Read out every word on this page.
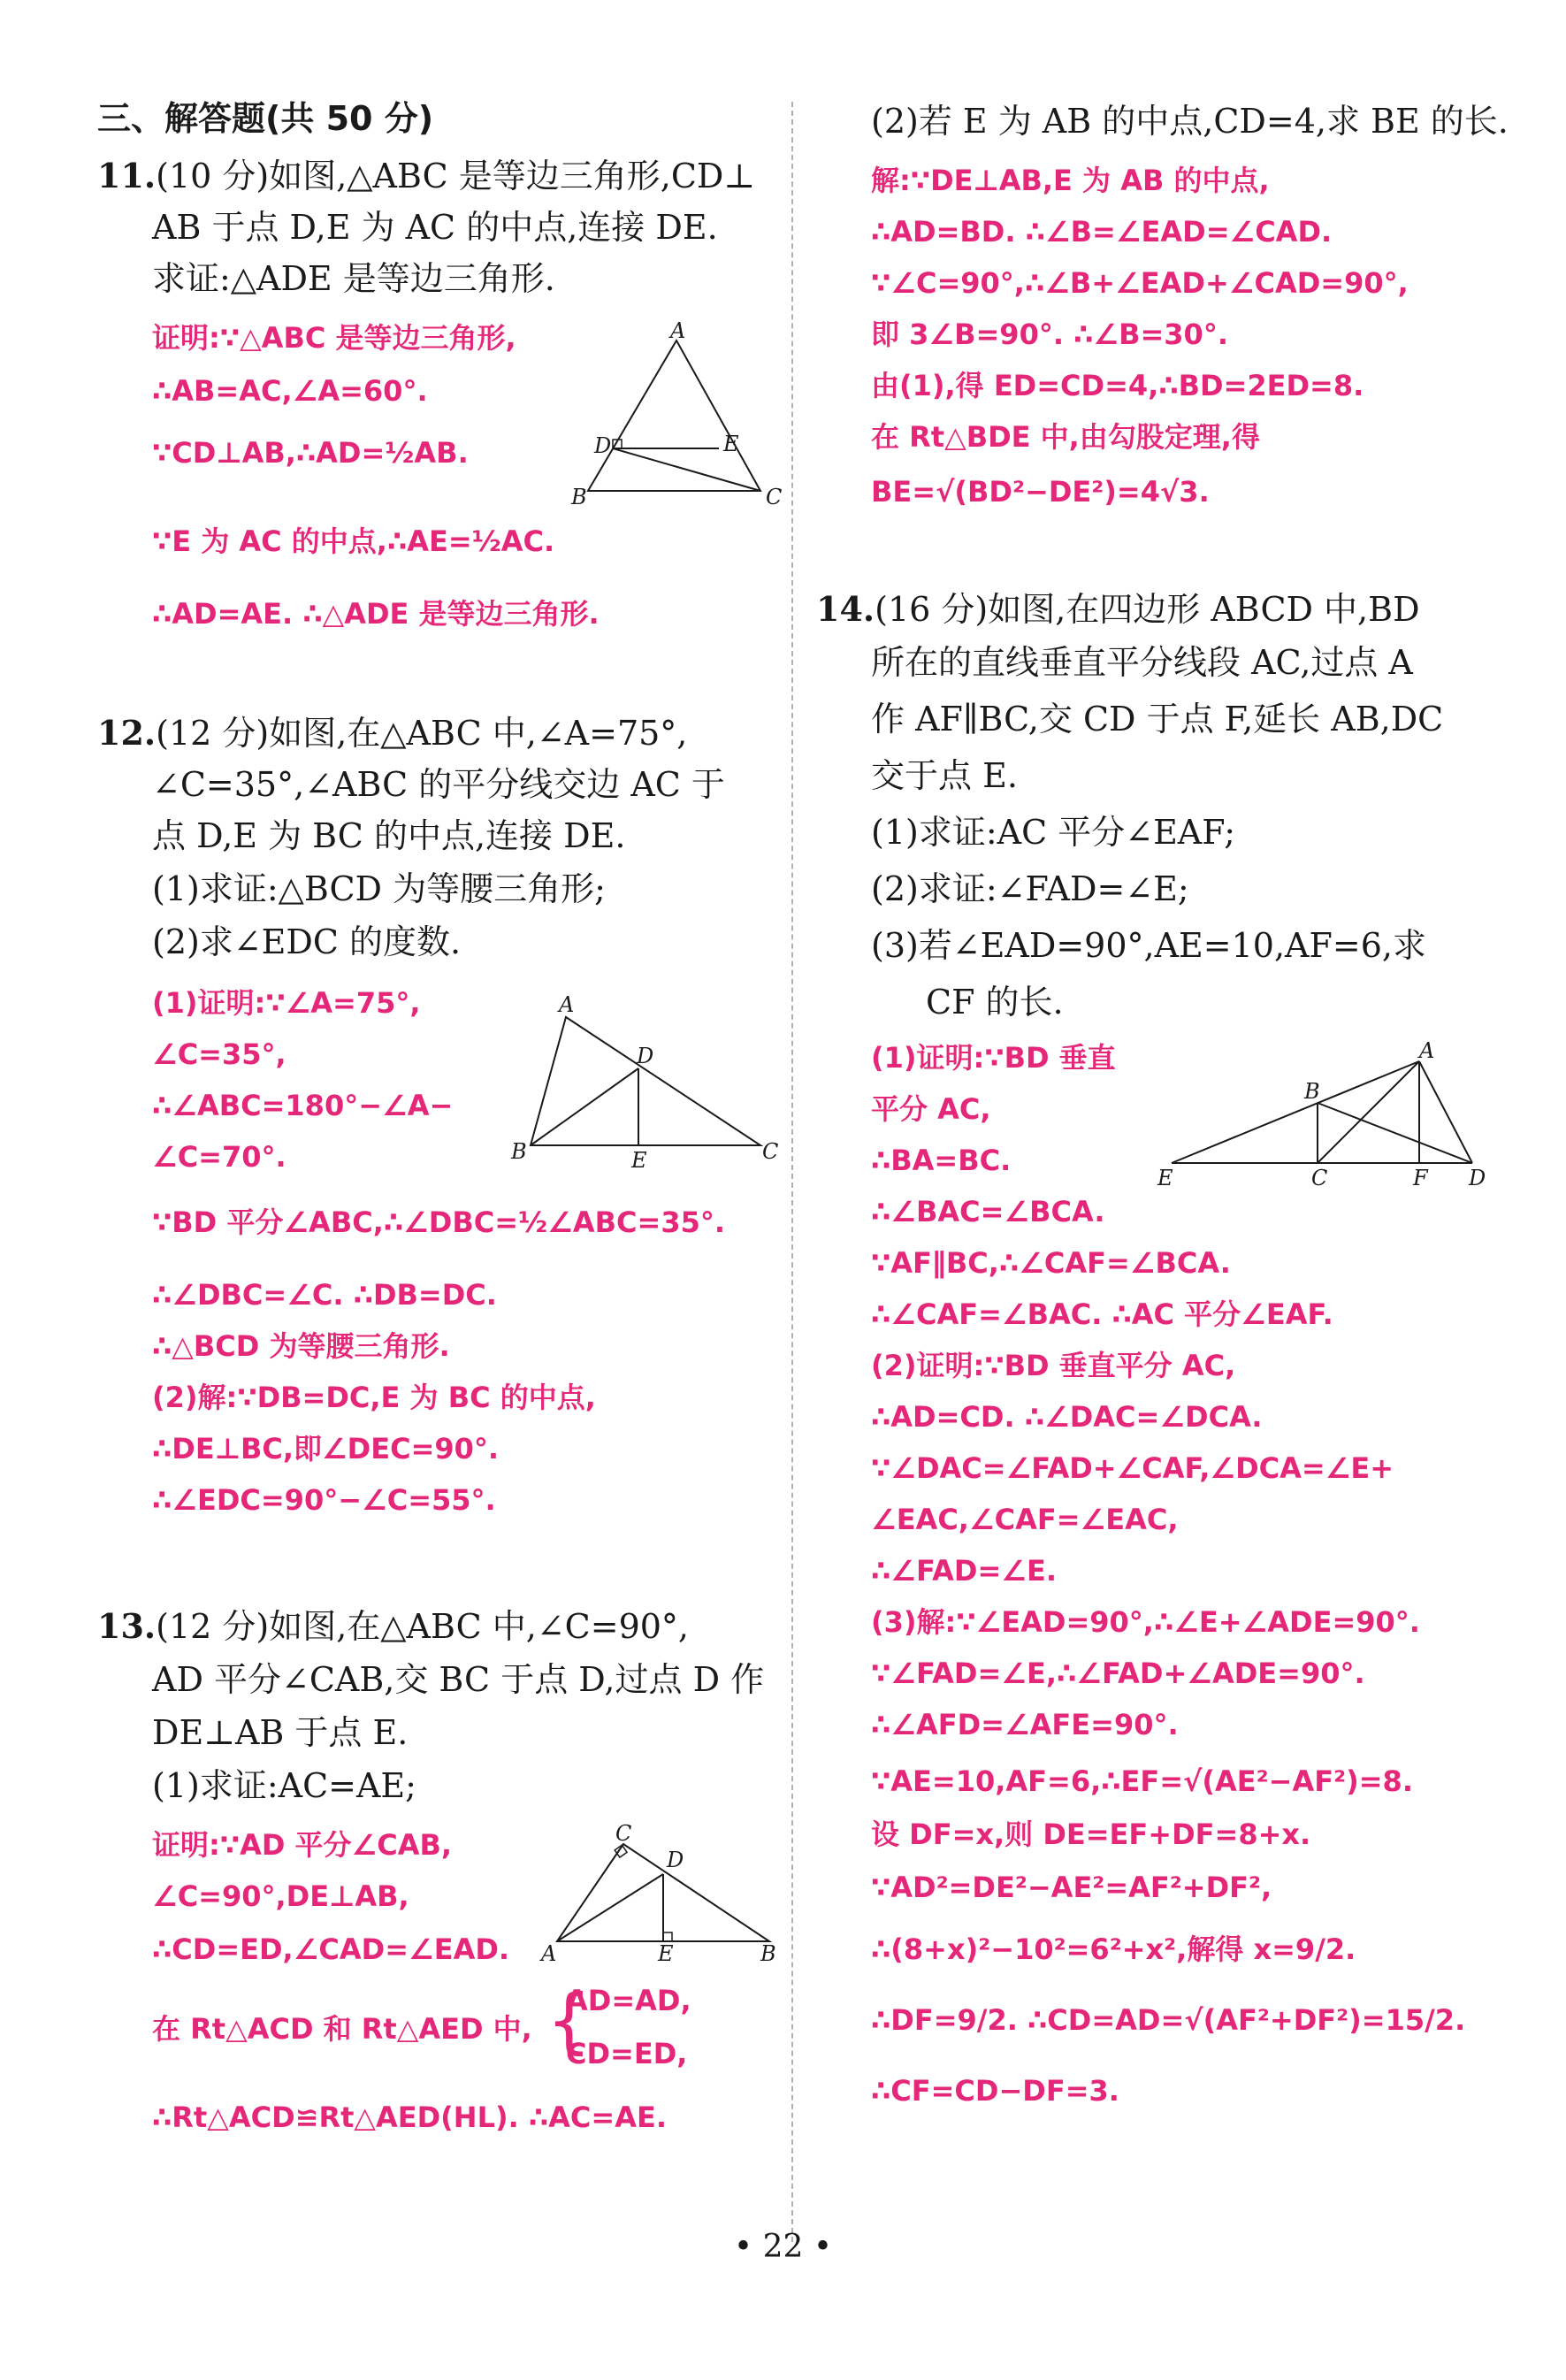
三、解答题(共 50 分)
11.(10 分)如图,△ABC 是等边三角形,CD⊥
AB 于点 D,E 为 AC 的中点,连接 DE.
求证:△ADE 是等边三角形.
证明:∵△ABC 是等边三角形,
∴AB=AC,∠A=60°.
∵CD⊥AB,∴AD=½AB.
∵E 为 AC 的中点,∴AE=½AC.
∴AD=AE. ∴△ADE 是等边三角形.
A
D	E
B	C
12.(12 分)如图,在△ABC 中,∠A=75°,
∠C=35°,∠ABC 的平分线交边 AC 于
点 D,E 为 BC 的中点,连接 DE.
(1)求证:△BCD 为等腰三角形;
(2)求∠EDC 的度数.
(1)证明:∵∠A=75°,
∠C=35°,
∴∠ABC=180°−∠A−
∠C=70°.
∵BD 平分∠ABC,∴∠DBC=½∠ABC=35°.
∴∠DBC=∠C. ∴DB=DC.
∴△BCD 为等腰三角形.
(2)解:∵DB=DC,E 为 BC 的中点,
∴DE⊥BC,即∠DEC=90°.
∴∠EDC=90°−∠C=55°.
A
D
B	E	C
13.(12 分)如图,在△ABC 中,∠C=90°,
AD 平分∠CAB,交 BC 于点 D,过点 D 作
DE⊥AB 于点 E.
(1)求证:AC=AE;
证明:∵AD 平分∠CAB,
∠C=90°,DE⊥AB,
∴CD=ED,∠CAD=∠EAD.
在 Rt△ACD 和 Rt△AED 中,
AD=AD,
CD=ED,
{
∴Rt△ACD≌Rt△AED(HL). ∴AC=AE.
C
D
A	E	B
(2)若 E 为 AB 的中点,CD=4,求 BE 的长.
解:∵DE⊥AB,E 为 AB 的中点,
∴AD=BD. ∴∠B=∠EAD=∠CAD.
∵∠C=90°,∴∠B+∠EAD+∠CAD=90°,
即 3∠B=90°. ∴∠B=30°.
由(1),得 ED=CD=4,∴BD=2ED=8.
在 Rt△BDE 中,由勾股定理,得
BE=√(BD²−DE²)=4√3.
14.(16 分)如图,在四边形 ABCD 中,BD
所在的直线垂直平分线段 AC,过点 A
作 AF∥BC,交 CD 于点 F,延长 AB,DC
交于点 E.
(1)求证:AC 平分∠EAF;
(2)求证:∠FAD=∠E;
(3)若∠EAD=90°,AE=10,AF=6,求
CF 的长.
(1)证明:∵BD 垂直
平分 AC,
∴BA=BC.
∴∠BAC=∠BCA.
∵AF∥BC,∴∠CAF=∠BCA.
∴∠CAF=∠BAC. ∴AC 平分∠EAF.
(2)证明:∵BD 垂直平分 AC,
∴AD=CD. ∴∠DAC=∠DCA.
∵∠DAC=∠FAD+∠CAF,∠DCA=∠E+
∠EAC,∠CAF=∠EAC,
∴∠FAD=∠E.
(3)解:∵∠EAD=90°,∴∠E+∠ADE=90°.
∵∠FAD=∠E,∴∠FAD+∠ADE=90°.
∴∠AFD=∠AFE=90°.
∵AE=10,AF=6,∴EF=√(AE²−AF²)=8.
设 DF=x,则 DE=EF+DF=8+x.
∵AD²=DE²−AE²=AF²+DF²,
∴(8+x)²−10²=6²+x²,解得 x=9/2.
∴DF=9/2. ∴CD=AD=√(AF²+DF²)=15/2.
∴CF=CD−DF=3.
A
B
E	C	F D
• 22 •
